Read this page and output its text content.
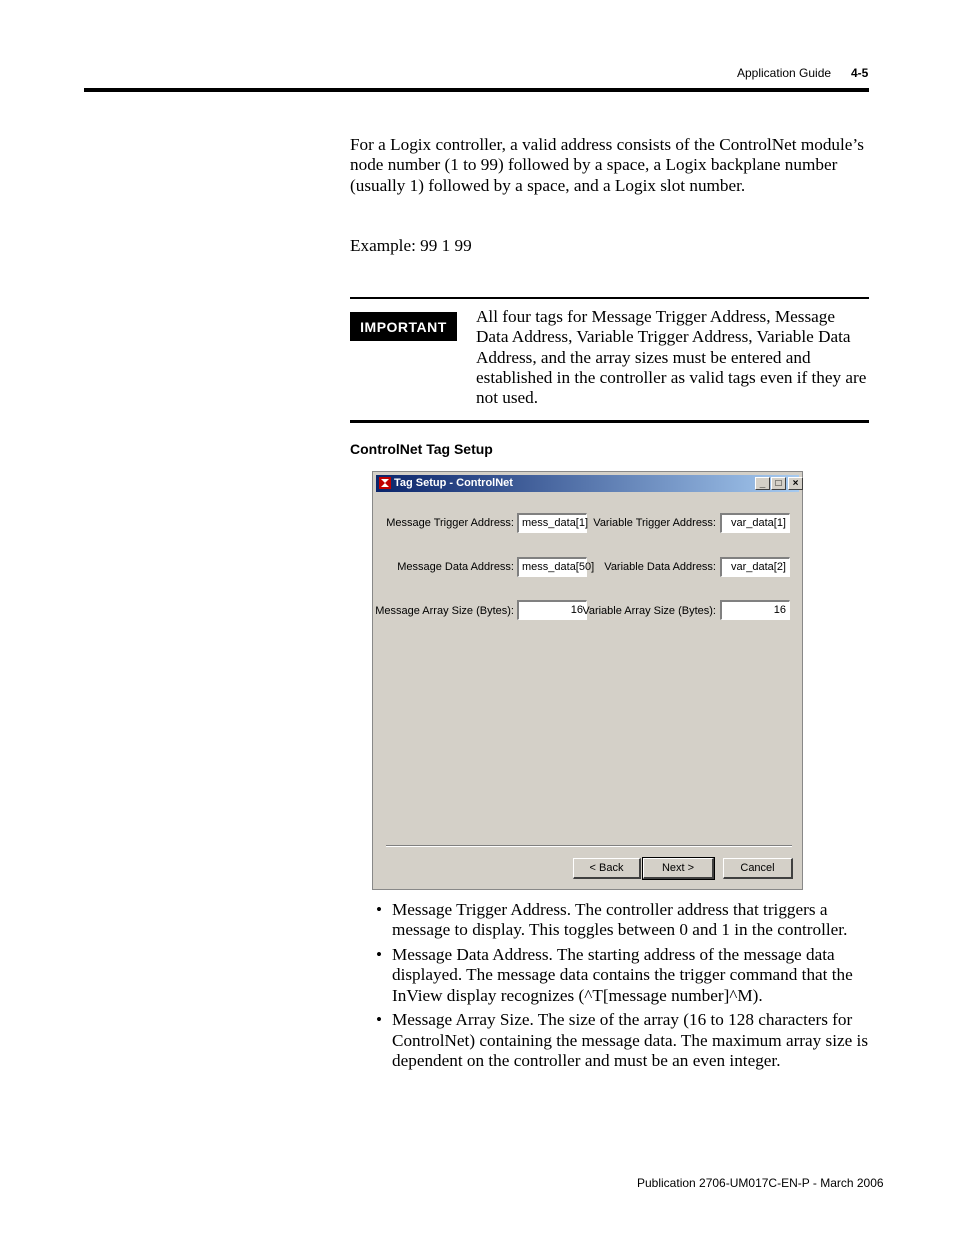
Application Guide 4-5
For a Logix controller, a valid address consists of the ControlNet module’s node number (1 to 99) followed by a space, a Logix backplane number (usually 1) followed by a space, and a Logix slot number.
Example: 99 1 99
IMPORTANT
All four tags for Message Trigger Address, Message Data Address, Variable Trigger Address, Variable Data Address, and the array sizes must be entered and established in the controller as valid tags even if they are not used.
ControlNet Tag Setup
Tag Setup - ControlNet	_	□	×
Message Trigger Address: mess_data[1] Variable Trigger Address:	var_data[1]
Message Data Address: mess_data[50] Variable Data Address:	var_data[2]
Message Array Size (Bytes):	16 Variable Array Size (Bytes):	16
< Back	Next >	Cancel
• Message Trigger Address. The controller address that triggers a message to display. This toggles between 0 and 1 in the controller.
• Message Data Address. The starting address of the message data displayed. The message data contains the trigger command that the InView display recognizes (^T[message number]^M).
• Message Array Size. The size of the array (16 to 128 characters for ControlNet) containing the message data. The maximum array size is dependent on the controller and must be an even integer.
Publication 2706-UM017C-EN-P - March 2006
